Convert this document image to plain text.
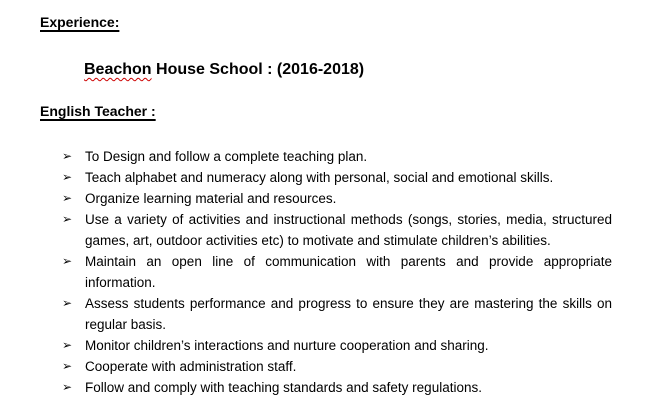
Experience:
Beachon House School : (2016-2018)
English Teacher :
➢ To Design and follow a complete teaching plan.
➢ Teach alphabet and numeracy along with personal, social and emotional skills.
➢ Organize learning material and resources.
➢ Use a variety of activities and instructional methods (songs, stories, media, structured games, art, outdoor activities etc) to motivate and stimulate children’s abilities.
➢ Maintain an open line of communication with parents and provide appropriate information.
➢ Assess students performance and progress to ensure they are mastering the skills on regular basis.
➢ Monitor children’s interactions and nurture cooperation and sharing.
➢ Cooperate with administration staff.
➢ Follow and comply with teaching standards and safety regulations.
